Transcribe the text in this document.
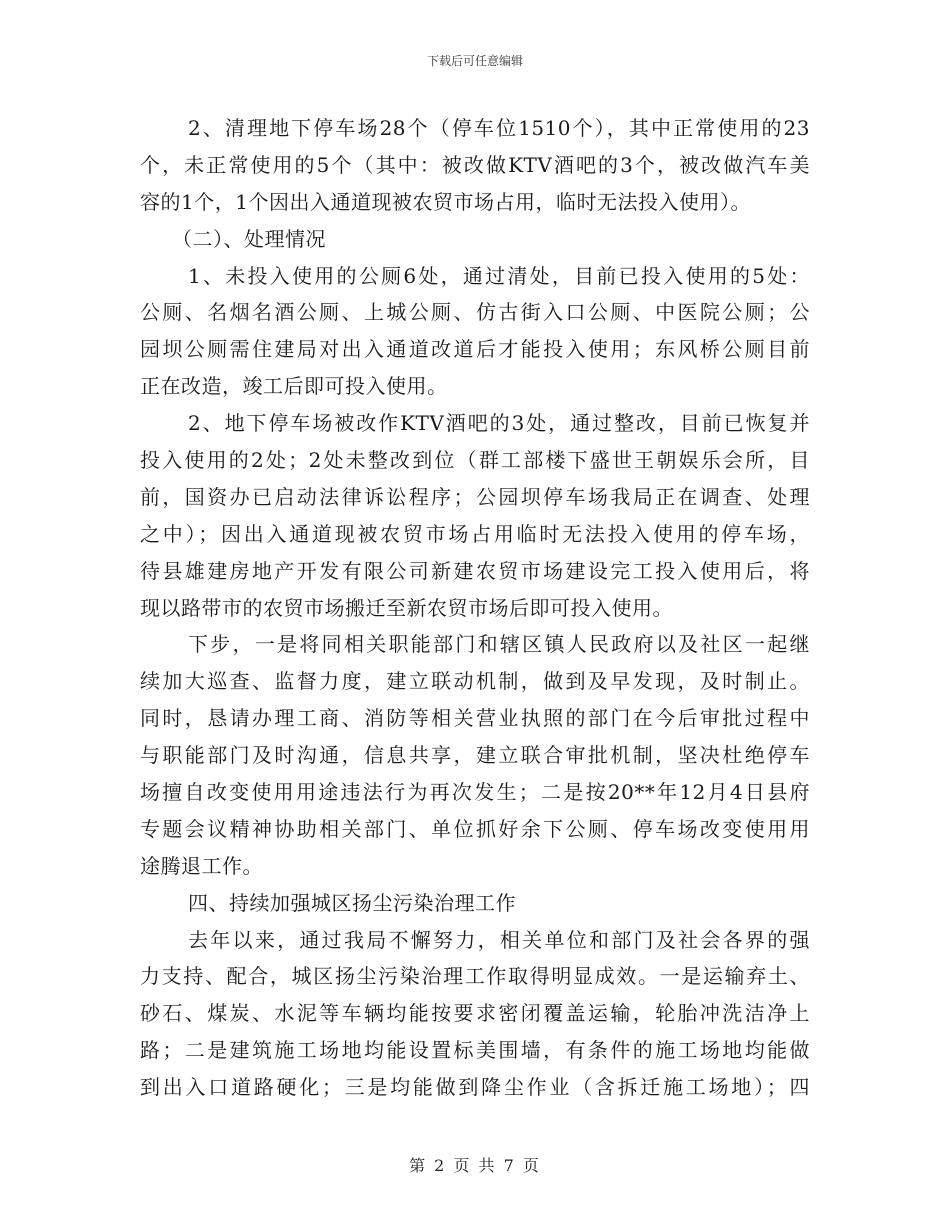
下载后可任意编辑
2、清理地下停车场28个（停车位1510个），其中正常使用的23
个，未正常使用的5个（其中：被改做KTV酒吧的3个，被改做汽车美
容的1个，1个因出入通道现被农贸市场占用，临时无法投入使用）。
（二）、处理情况
1、未投入使用的公厕6处，通过清处，目前已投入使用的5处：
公厕、名烟名酒公厕、上城公厕、仿古街入口公厕、中医院公厕；公
园坝公厕需住建局对出入通道改道后才能投入使用；东风桥公厕目前
正在改造，竣工后即可投入使用。
2、地下停车场被改作KTV酒吧的3处，通过整改，目前已恢复并
投入使用的2处；2处未整改到位（群工部楼下盛世王朝娱乐会所，目
前，国资办已启动法律诉讼程序；公园坝停车场我局正在调查、处理
之中）；因出入通道现被农贸市场占用临时无法投入使用的停车场，
待县雄建房地产开发有限公司新建农贸市场建设完工投入使用后，将
现以路带市的农贸市场搬迁至新农贸市场后即可投入使用。
下步，一是将同相关职能部门和辖区镇人民政府以及社区一起继
续加大巡查、监督力度，建立联动机制，做到及早发现，及时制止。
同时，恳请办理工商、消防等相关营业执照的部门在今后审批过程中
与职能部门及时沟通，信息共享，建立联合审批机制，坚决杜绝停车
场擅自改变使用用途违法行为再次发生；二是按20**年12月4日县府
专题会议精神协助相关部门、单位抓好余下公厕、停车场改变使用用
途腾退工作。
四、持续加强城区扬尘污染治理工作
去年以来，通过我局不懈努力，相关单位和部门及社会各界的强
力支持、配合，城区扬尘污染治理工作取得明显成效。一是运输弃土、
砂石、煤炭、水泥等车辆均能按要求密闭覆盖运输，轮胎冲洗洁净上
路；二是建筑施工场地均能设置标美围墙，有条件的施工场地均能做
到出入口道路硬化；三是均能做到降尘作业（含拆迁施工场地）；四
第 2 页 共 7 页
